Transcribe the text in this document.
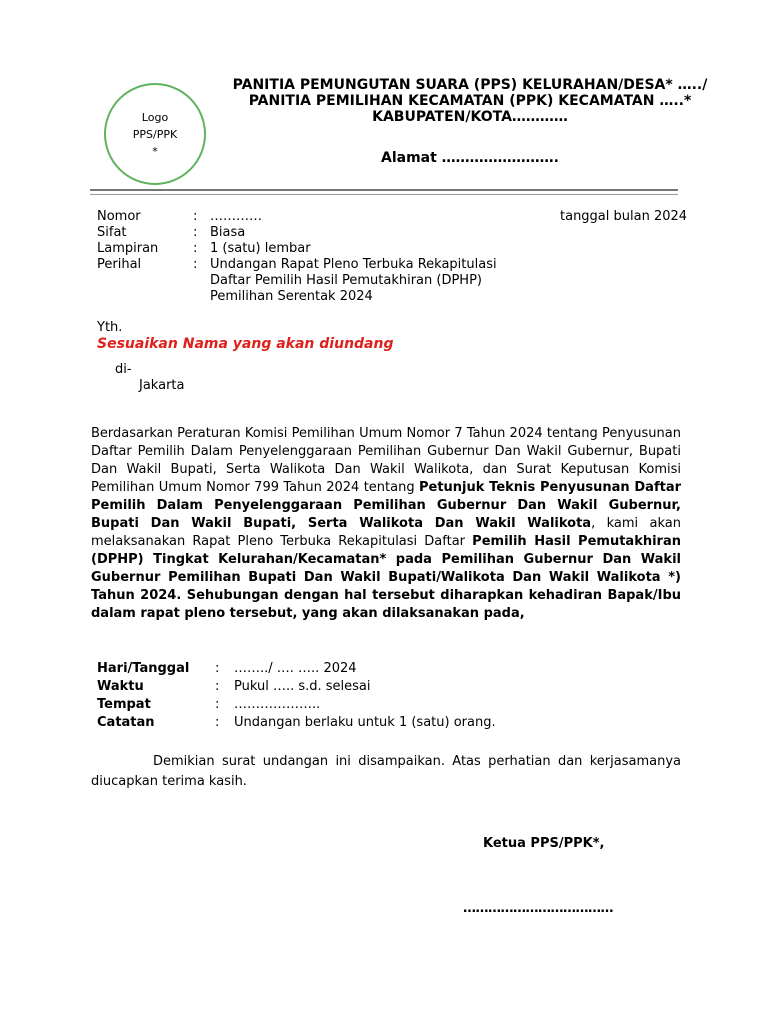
Logo
PPS/PPK
*
PANITIA PEMUNGUTAN SUARA (PPS) KELURAHAN/DESA* …../
PANITIA PEMILIHAN KECAMATAN (PPK) KECAMATAN …..*
KABUPATEN/KOTA…………
Alamat …………………….
Nomor	: …………
Sifat	: Biasa
Lampiran	: 1 (satu) lembar
Perihal	: Undangan Rapat Pleno Terbuka Rekapitulasi Daftar Pemilih Hasil Pemutakhiran (DPHP) Pemilihan Serentak 2024
tanggal bulan 2024
Yth.
Sesuaikan Nama yang akan diundang
di-
Jakarta
Berdasarkan Peraturan Komisi Pemilihan Umum Nomor 7 Tahun 2024 tentang Penyusunan Daftar Pemilih Dalam Penyelenggaraan Pemilihan Gubernur Dan Wakil Gubernur, Bupati Dan Wakil Bupati, Serta Walikota Dan Wakil Walikota, dan Surat Keputusan Komisi Pemilihan Umum Nomor 799 Tahun 2024 tentang Petunjuk Teknis Penyusunan Daftar Pemilih Dalam Penyelenggaraan Pemilihan Gubernur Dan Wakil Gubernur, Bupati Dan Wakil Bupati, Serta Walikota Dan Wakil Walikota, kami akan melaksanakan Rapat Pleno Terbuka Rekapitulasi Daftar Pemilih Hasil Pemutakhiran (DPHP) Tingkat Kelurahan/Kecamatan* pada Pemilihan Gubernur Dan Wakil Gubernur Pemilihan Bupati Dan Wakil Bupati/Walikota Dan Wakil Walikota *) Tahun 2024. Sehubungan dengan hal tersebut diharapkan kehadiran Bapak/Ibu dalam rapat pleno tersebut, yang akan dilaksanakan pada,
Hari/Tanggal	:	……../ …. ….. 2024
Waktu	:	Pukul ….. s.d. selesai
Tempat	:	………………..
Catatan	:	Undangan berlaku untuk 1 (satu) orang.
Demikian surat undangan ini disampaikan. Atas perhatian dan kerjasamanya diucapkan terima kasih.
Ketua PPS/PPK*,
………………………………
